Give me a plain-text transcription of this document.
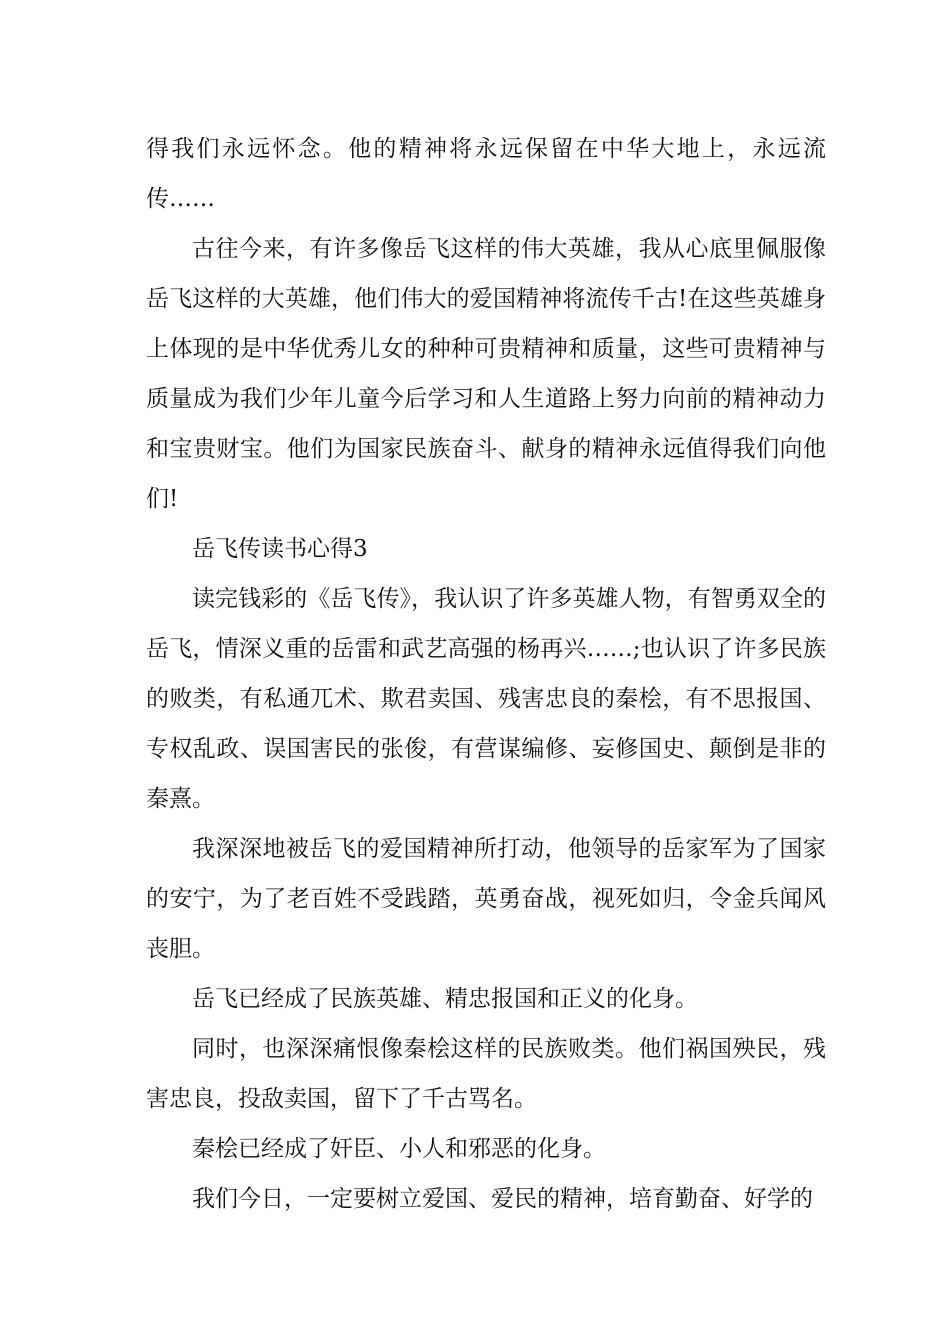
得我们永远怀念。他的精神将永远保留在中华大地上，永远流传……

古往今来，有许多像岳飞这样的伟大英雄，我从心底里佩服像岳飞这样的大英雄，他们伟大的爱国精神将流传千古!在这些英雄身上体现的是中华优秀儿女的种种可贵精神和质量，这些可贵精神与质量成为我们少年儿童今后学习和人生道路上努力向前的精神动力和宝贵财宝。他们为国家民族奋斗、献身的精神永远值得我们向他们!

岳飞传读书心得3

读完钱彩的《岳飞传》，我认识了许多英雄人物，有智勇双全的岳飞，情深义重的岳雷和武艺高强的杨再兴……;也认识了许多民族的败类，有私通兀术、欺君卖国、残害忠良的秦桧，有不思报国、专权乱政、误国害民的张俊，有营谋编修、妄修国史、颠倒是非的秦熹。

我深深地被岳飞的爱国精神所打动，他领导的岳家军为了国家的安宁，为了老百姓不受践踏，英勇奋战，视死如归，令金兵闻风丧胆。

岳飞已经成了民族英雄、精忠报国和正义的化身。

同时，也深深痛恨像秦桧这样的民族败类。他们祸国殃民，残害忠良，投敌卖国，留下了千古骂名。

秦桧已经成了奸臣、小人和邪恶的化身。

我们今日，一定要树立爱国、爱民的精神，培育勤奋、好学的
